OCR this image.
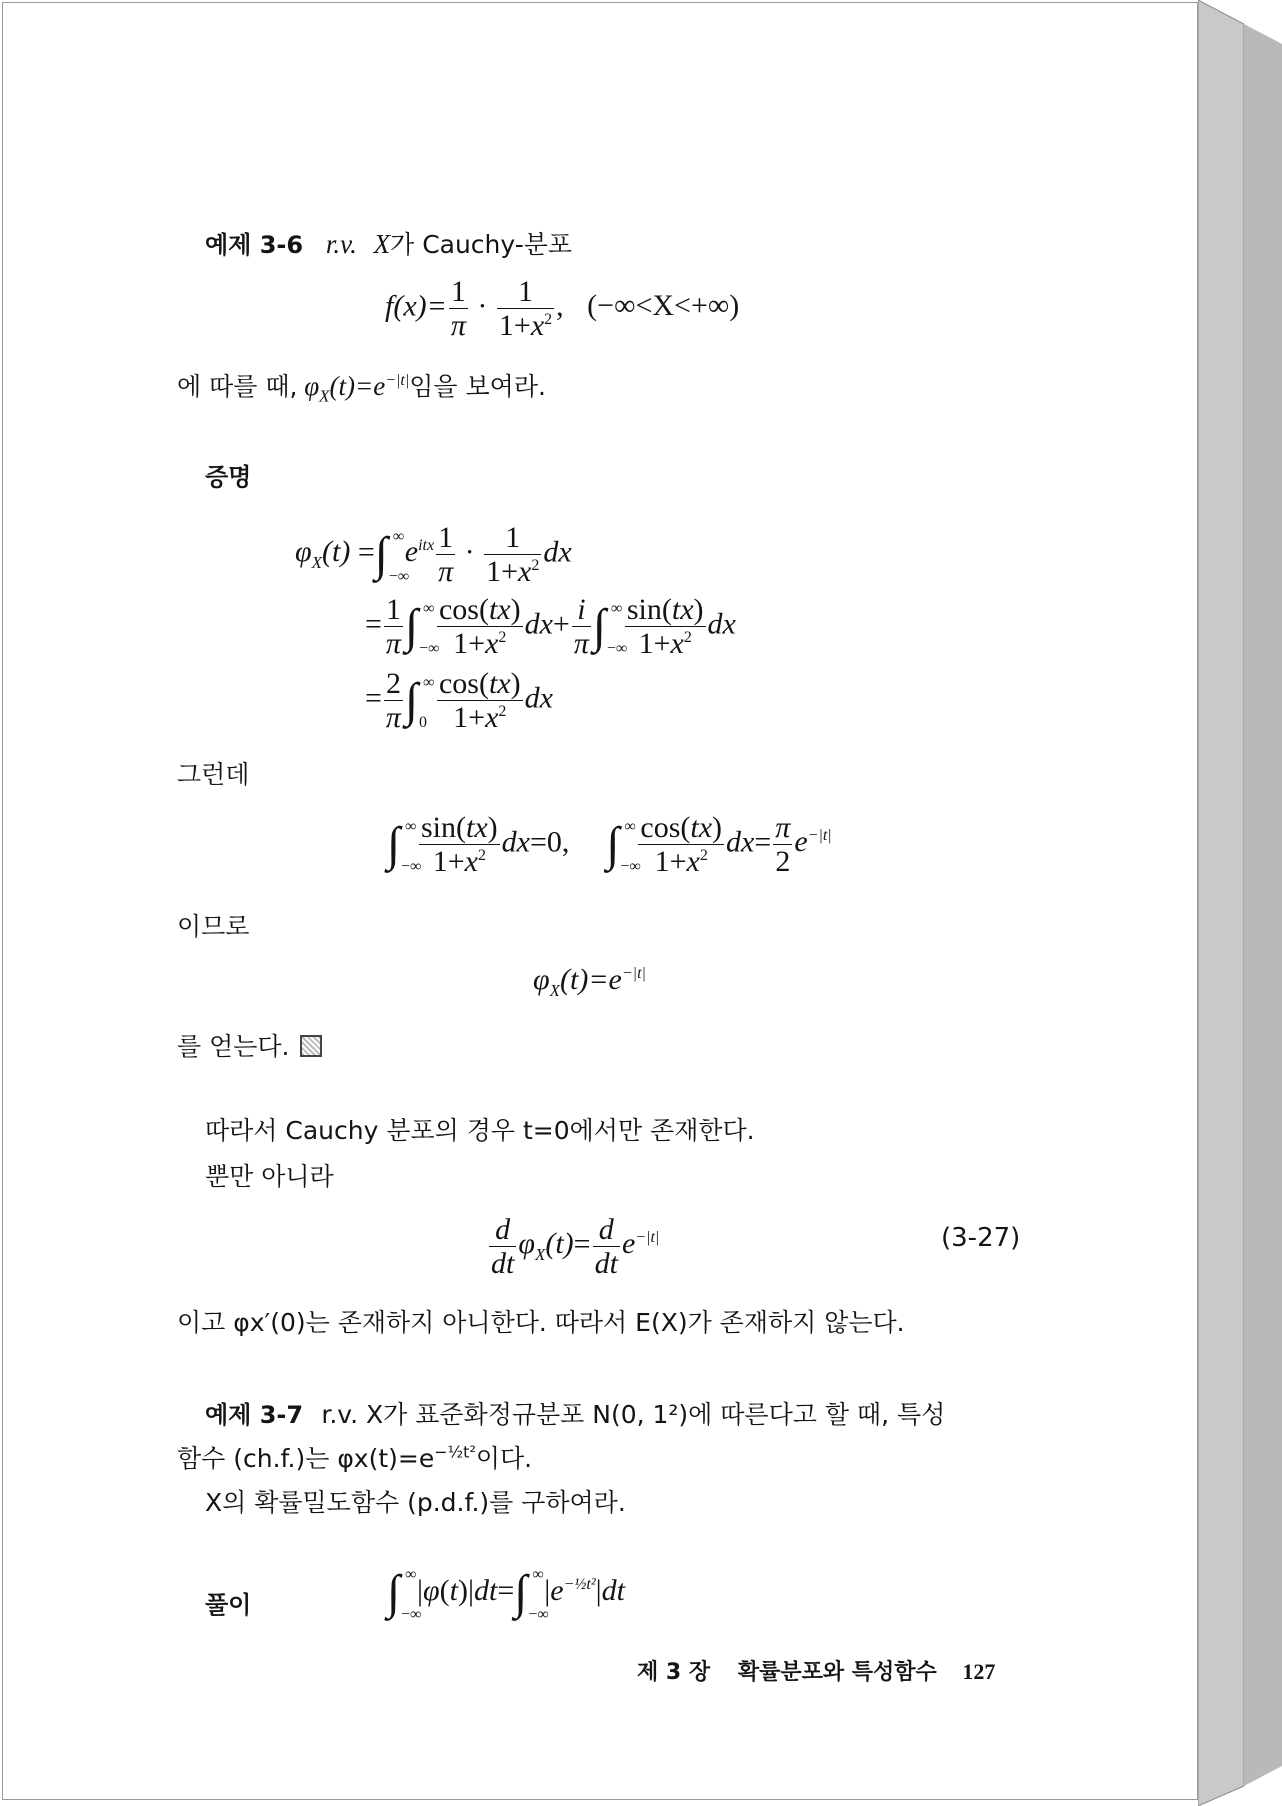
예제 3-6 r.v. X가 Cauchy-분포
$f(x)= \frac{1}{\pi} \cdot \frac{1}{1+x^2}$ , (−∞<X<+∞)
에 따를 때, $\varphi_X(t)=e^{-|t|}$임을 보여라.
증명
$\varphi_X(t)$ =∫ ∞
−∞
$e^{itx} \frac{1}{\pi} \cdot \frac{1}{1+x^2}$ dx
= $\frac{1}{\pi}$ ∫ ∞
−∞
$\frac{\cos(tx)}{1+x^2} dx+ \frac{i}{\pi}$ ∫ ∞
−∞
$\frac{\sin(tx)}{1+x^2}$ dx
= $\frac{2}{\pi}$ ∫ ∞
$0 \frac{\cos(tx)}{1+x^2}$ dx
그런데
∫ ∞
−∞
$\frac{\sin(tx)}{1+x^2} dx=0$,  ∫ ∞
−∞
$\frac{\cos(tx)}{1+x^2} dx= \frac{\pi}{2} e^{-|t|}$
이므로
$\varphi_X(t)=e^{-|t|}$
를 얻는다.
따라서 Cauchy 분포의 경우 t=0에서만 존재한다.
뿐만 아니라
$\frac{d}{dt} \varphi_X(t)= \frac{d}{dt} e^{-|t|}$	(3-27)
이고 φx′(0)는 존재하지 아니한다. 따라서 E(X)가 존재하지 않는다.
예제 3-7 r.v. X가 표준화정규분포 N(0, 1²)에 따른다고 할 때, 특성
함수 (ch.f.)는 $\varphi x(t)=e^{-\frac{1}{2}t^2}$이다.
X의 확률밀도함수 (p.d.f.)를 구하여라.
풀이	∫ ∞
−∞
|φ(t)|dt=∫ ∞
−∞
$|e^{-\frac{1}{2}t^2}|dt$
제 3 장 확률분포와 특성함수 127
